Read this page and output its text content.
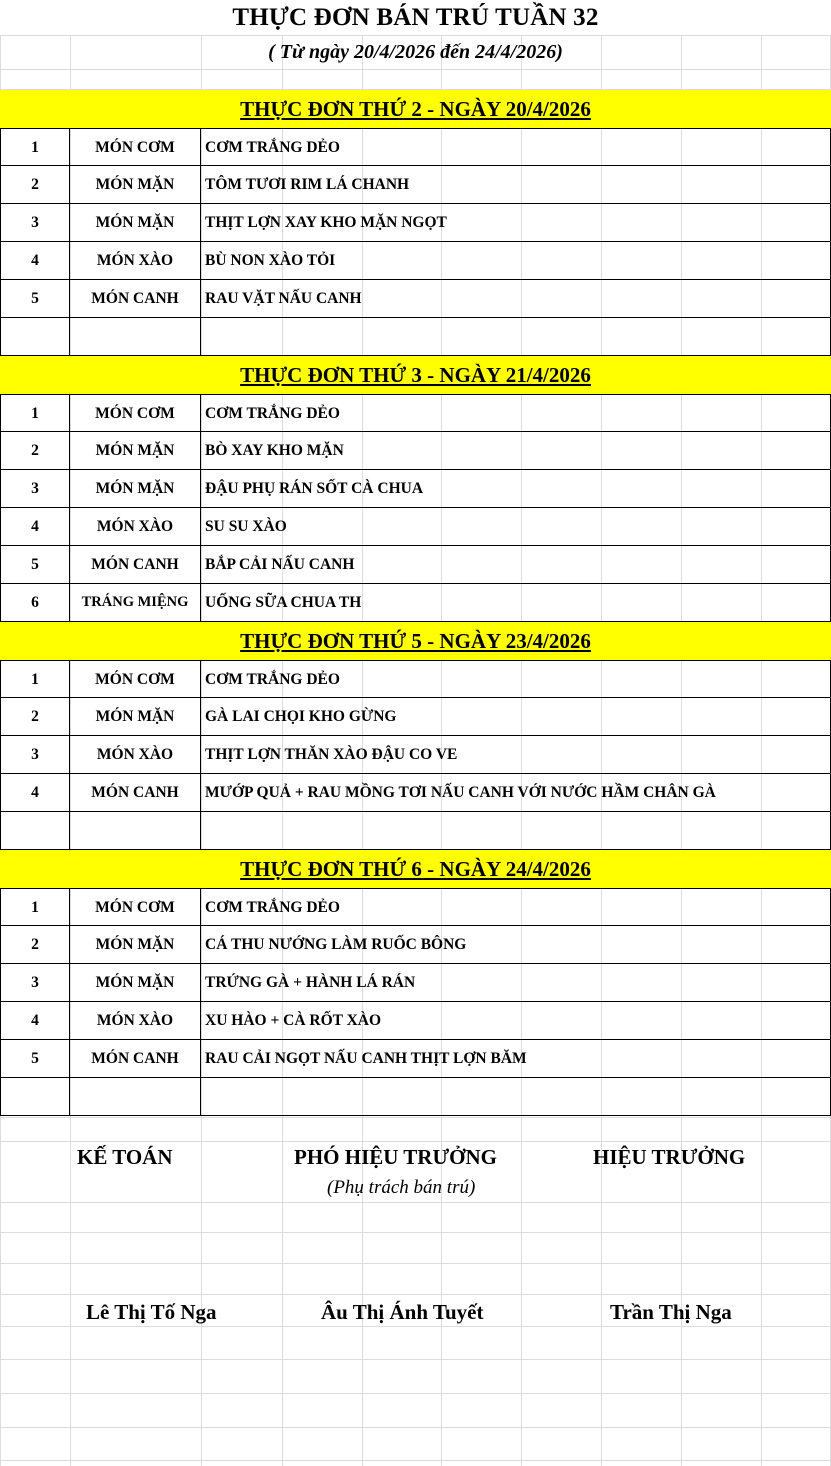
THỰC ĐƠN BÁN TRÚ TUẦN 32
( Từ ngày 20/4/2026 đến 24/4/2026)
THỰC ĐƠN THỨ 2 - NGÀY 20/4/2026
1	MÓN CƠM	CƠM TRẮNG DẺO
2	MÓN MẶN	TÔM TƯƠI RIM LÁ CHANH
3	MÓN MẶN	THỊT LỢN XAY KHO MẶN NGỌT
4	MÓN XÀO	BÙ NON XÀO TỎI
5	MÓN CANH	RAU VẶT NẤU CANH
THỰC ĐƠN THỨ 3 - NGÀY 21/4/2026
1	MÓN CƠM	CƠM TRẮNG DẺO
2	MÓN MẶN	BÒ XAY KHO MẶN
3	MÓN MẶN	ĐẬU PHỤ RÁN SỐT CÀ CHUA
4	MÓN XÀO	SU SU XÀO
5	MÓN CANH	BẮP CẢI NẤU CANH
6	TRÁNG MIỆNG	UỐNG SỮA CHUA TH
THỰC ĐƠN THỨ 5 - NGÀY 23/4/2026
1	MÓN CƠM	CƠM TRẮNG DẺO
2	MÓN MẶN	GÀ LAI CHỌI KHO GỪNG
3	MÓN XÀO	THỊT LỢN THĂN XÀO ĐẬU CO VE
4	MÓN CANH	MƯỚP QUẢ + RAU MỒNG TƠI NẤU CANH VỚI NƯỚC HẦM CHÂN GÀ
THỰC ĐƠN THỨ 6 - NGÀY 24/4/2026
1	MÓN CƠM	CƠM TRẮNG DẺO
2	MÓN MẶN	CÁ THU NƯỚNG LÀM RUỐC BÔNG
3	MÓN MẶN	TRỨNG GÀ + HÀNH LÁ RÁN
4	MÓN XÀO	XU HÀO + CÀ RỐT XÀO
5	MÓN CANH	RAU CẢI NGỌT NẤU CANH THỊT LỢN BĂM
KẾ TOÁN	PHÓ HIỆU TRƯỞNG
(Phụ trách bán trú)
HIỆU TRƯỞNG
Lê Thị Tố Nga	Âu Thị Ánh Tuyết	Trần Thị Nga
